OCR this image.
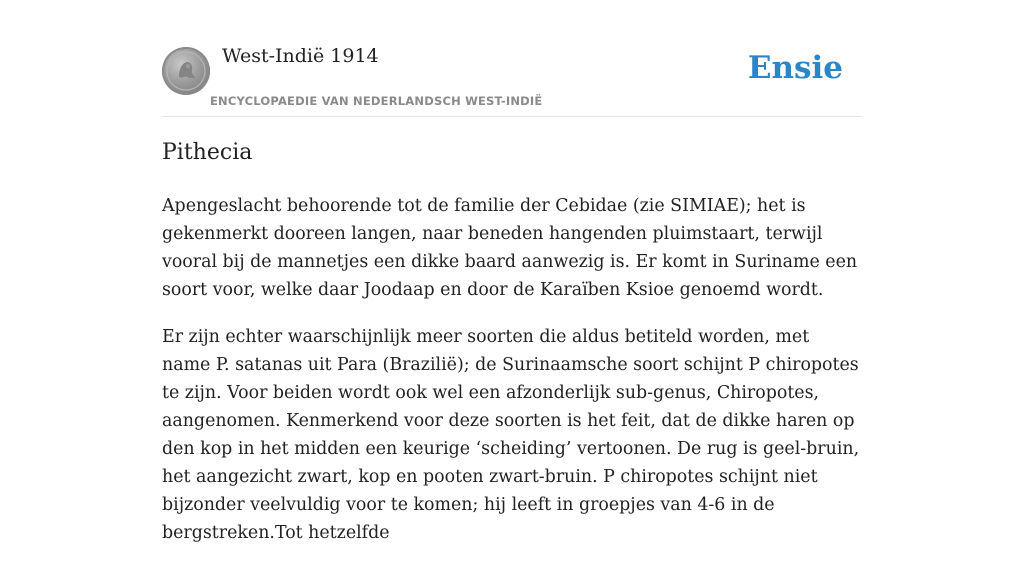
West-Indië 1914
ENCYCLOPAEDIE VAN NEDERLANDSCH WEST-INDIË
Ensie
Pithecia

Apengeslacht behoorende tot de familie der Cebidae (zie SIMIAE); het is gekenmerkt dooreen langen, naar beneden hangenden pluimstaart, terwijl vooral bij de mannetjes een dikke baard aanwezig is. Er komt in Suriname een soort voor, welke daar Joodaap en door de Karaïben Ksioe genoemd wordt.

Er zijn echter waarschijnlijk meer soorten die aldus betiteld worden, met name P. satanas uit Para (Brazilië); de Surinaamsche soort schijnt P chiropotes te zijn. Voor beiden wordt ook wel een afzonderlijk sub-genus, Chiropotes, aangenomen. Kenmerkend voor deze soorten is het feit, dat de dikke haren op den kop in het midden een keurige ‘scheiding’ vertoonen. De rug is geel-bruin, het aangezicht zwart, kop en pooten zwart-bruin. P chiropotes schijnt niet bijzonder veelvuldig voor te komen; hij leeft in groepjes van 4-6 in de bergstreken.Tot hetzelfde
